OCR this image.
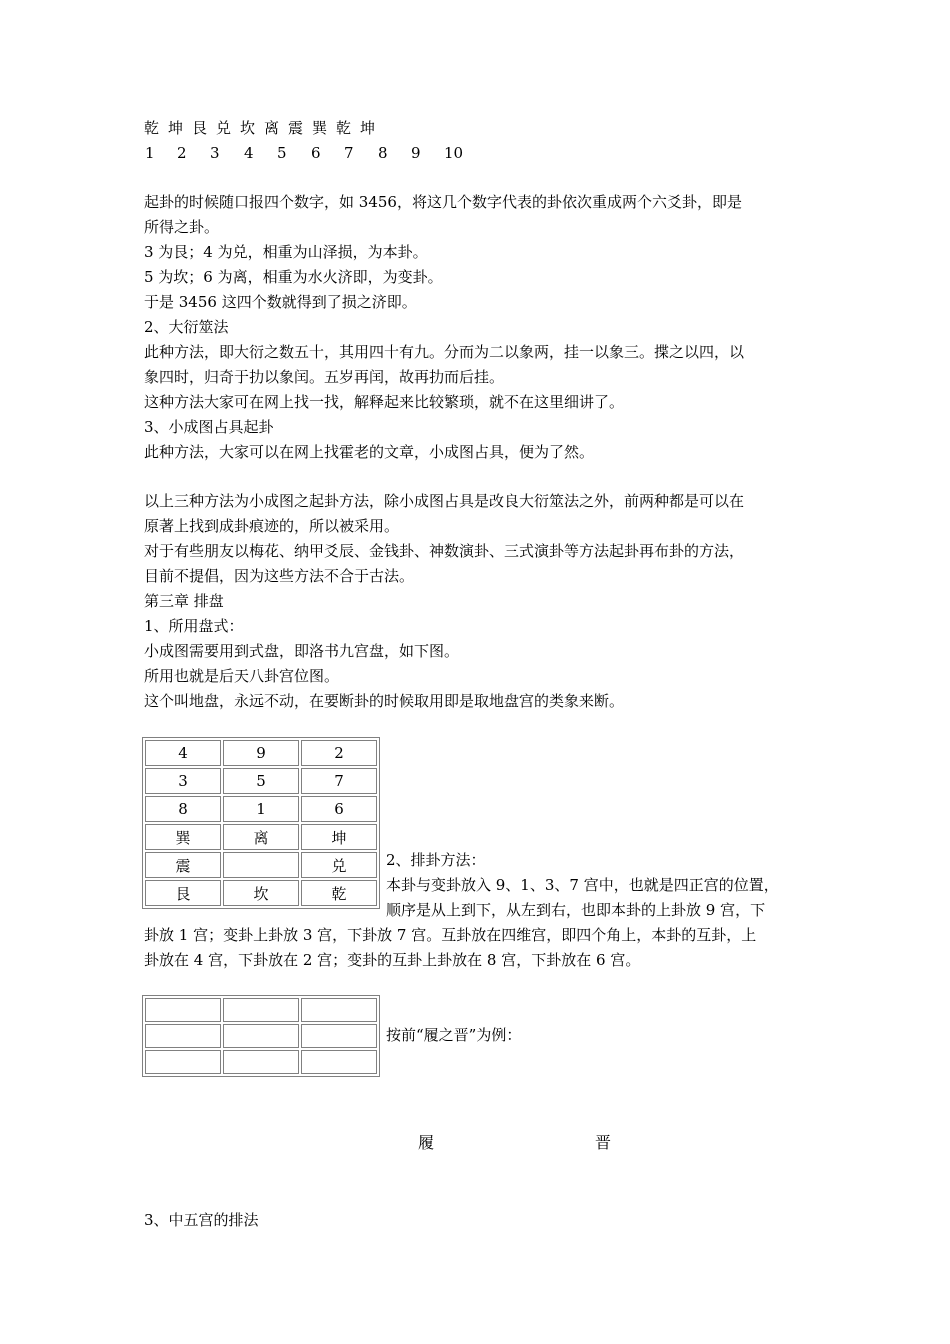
乾 坤 艮 兑 坎 离 震 巽 乾 坤
1 2 3 4 5 6 7 8 9 10
起卦的时候随口报四个数字，如 3456，将这几个数字代表的卦依次重成两个六爻卦，即是
所得之卦。
3 为艮；4 为兑，相重为山泽损，为本卦。
5 为坎；6 为离，相重为水火济即，为变卦。
于是 3456 这四个数就得到了损之济即。
2、大衍筮法
此种方法，即大衍之数五十，其用四十有九。分而为二以象两，挂一以象三。揲之以四，以
象四时，归奇于扐以象闰。五岁再闰，故再扐而后挂。
这种方法大家可在网上找一找，解释起来比较繁琐，就不在这里细讲了。
3、小成图占具起卦
此种方法，大家可以在网上找霍老的文章，小成图占具，便为了然。
以上三种方法为小成图之起卦方法，除小成图占具是改良大衍筮法之外，前两种都是可以在
原著上找到成卦痕迹的，所以被采用。
对于有些朋友以梅花、纳甲爻辰、金钱卦、神数演卦、三式演卦等方法起卦再布卦的方法，
目前不提倡，因为这些方法不合于古法。
第三章 排盘
1、所用盘式：
小成图需要用到式盘，即洛书九宫盘，如下图。
所用也就是后天八卦宫位图。
这个叫地盘，永远不动，在要断卦的时候取用即是取地盘宫的类象来断。
4	9	2
3	5	7
8	1	6
巽	离	坤
震		兑
艮	坎	乾
2、排卦方法：
本卦与变卦放入 9、1、3、7 宫中，也就是四正宫的位置，
顺序是从上到下，从左到右，也即本卦的上卦放 9 宫，下
卦放 1 宫；变卦上卦放 3 宫，下卦放 7 宫。互卦放在四维宫，即四个角上，本卦的互卦，上
卦放在 4 宫，下卦放在 2 宫；变卦的互卦上卦放在 8 宫，下卦放在 6 宫。

按前“履之晋”为例：
履	晋
3、中五宫的排法
